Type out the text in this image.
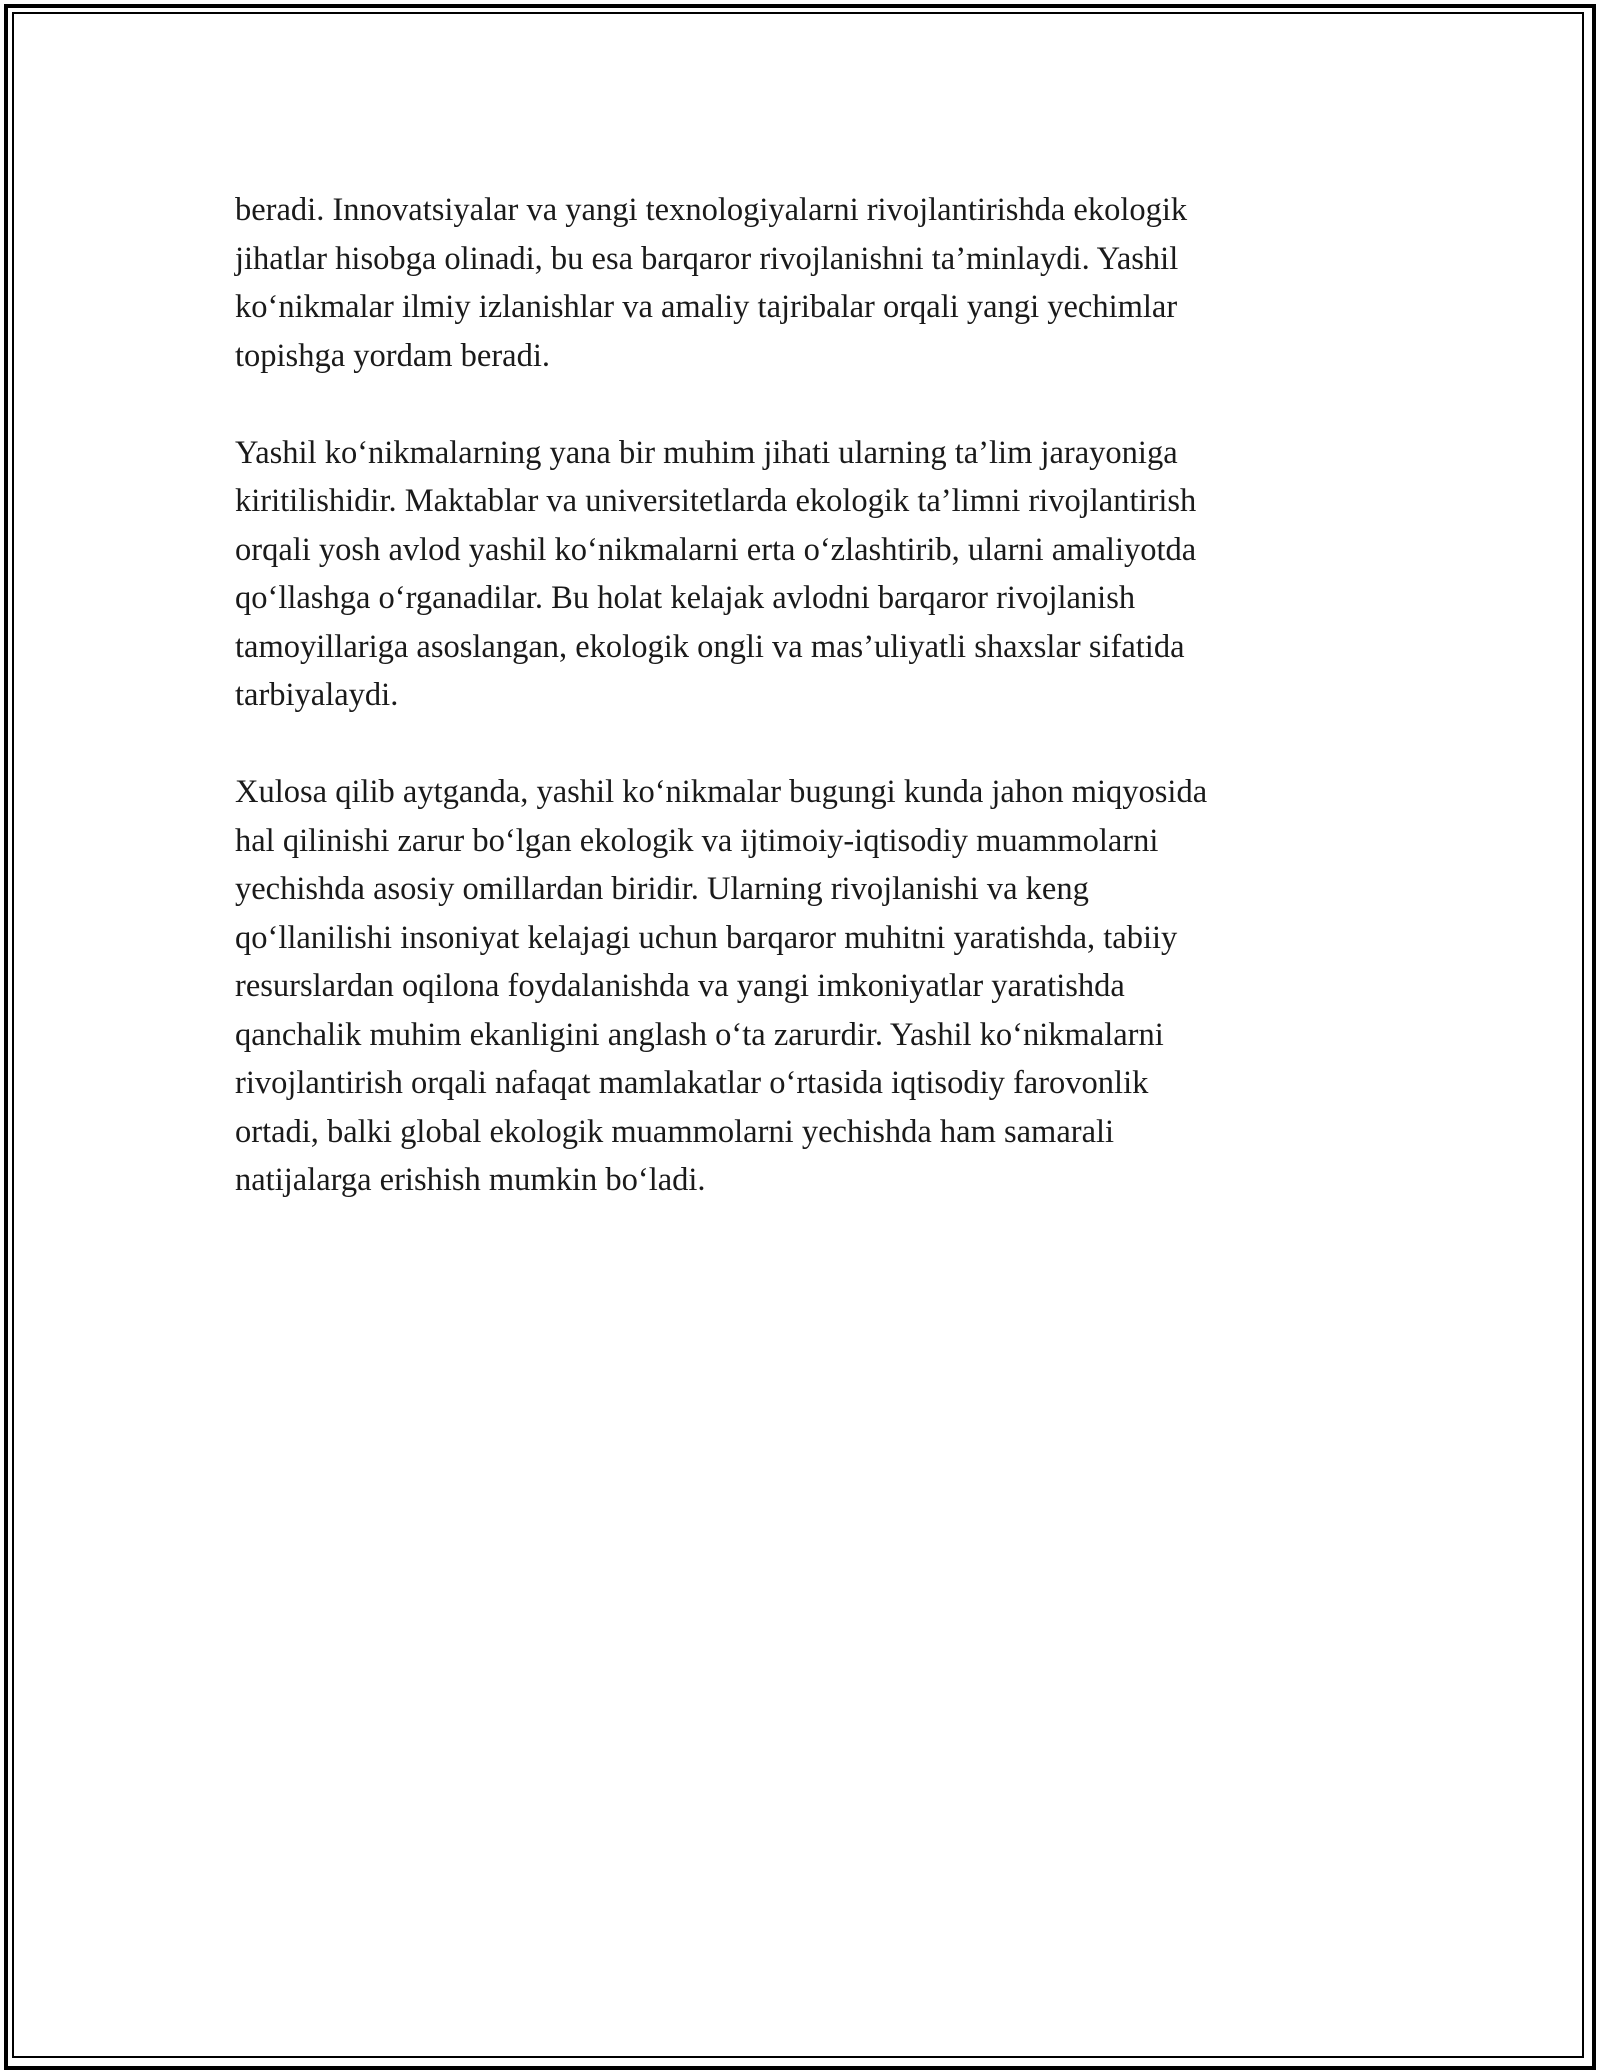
beradi. Innovatsiyalar va yangi texnologiyalarni rivojlantirishda ekologik
jihatlar hisobga olinadi, bu esa barqaror rivojlanishni ta’minlaydi. Yashil
ko‘nikmalar ilmiy izlanishlar va amaliy tajribalar orqali yangi yechimlar
topishga yordam beradi.

Yashil ko‘nikmalarning yana bir muhim jihati ularning ta’lim jarayoniga
kiritilishidir. Maktablar va universitetlarda ekologik ta’limni rivojlantirish
orqali yosh avlod yashil ko‘nikmalarni erta o‘zlashtirib, ularni amaliyotda
qo‘llashga o‘rganadilar. Bu holat kelajak avlodni barqaror rivojlanish
tamoyillariga asoslangan, ekologik ongli va mas’uliyatli shaxslar sifatida
tarbiyalaydi.

Xulosa qilib aytganda, yashil ko‘nikmalar bugungi kunda jahon miqyosida
hal qilinishi zarur bo‘lgan ekologik va ijtimoiy-iqtisodiy muammolarni
yechishda asosiy omillardan biridir. Ularning rivojlanishi va keng
qo‘llanilishi insoniyat kelajagi uchun barqaror muhitni yaratishda, tabiiy
resurslardan oqilona foydalanishda va yangi imkoniyatlar yaratishda
qanchalik muhim ekanligini anglash o‘ta zarurdir. Yashil ko‘nikmalarni
rivojlantirish orqali nafaqat mamlakatlar o‘rtasida iqtisodiy farovonlik
ortadi, balki global ekologik muammolarni yechishda ham samarali
natijalarga erishish mumkin bo‘ladi.
